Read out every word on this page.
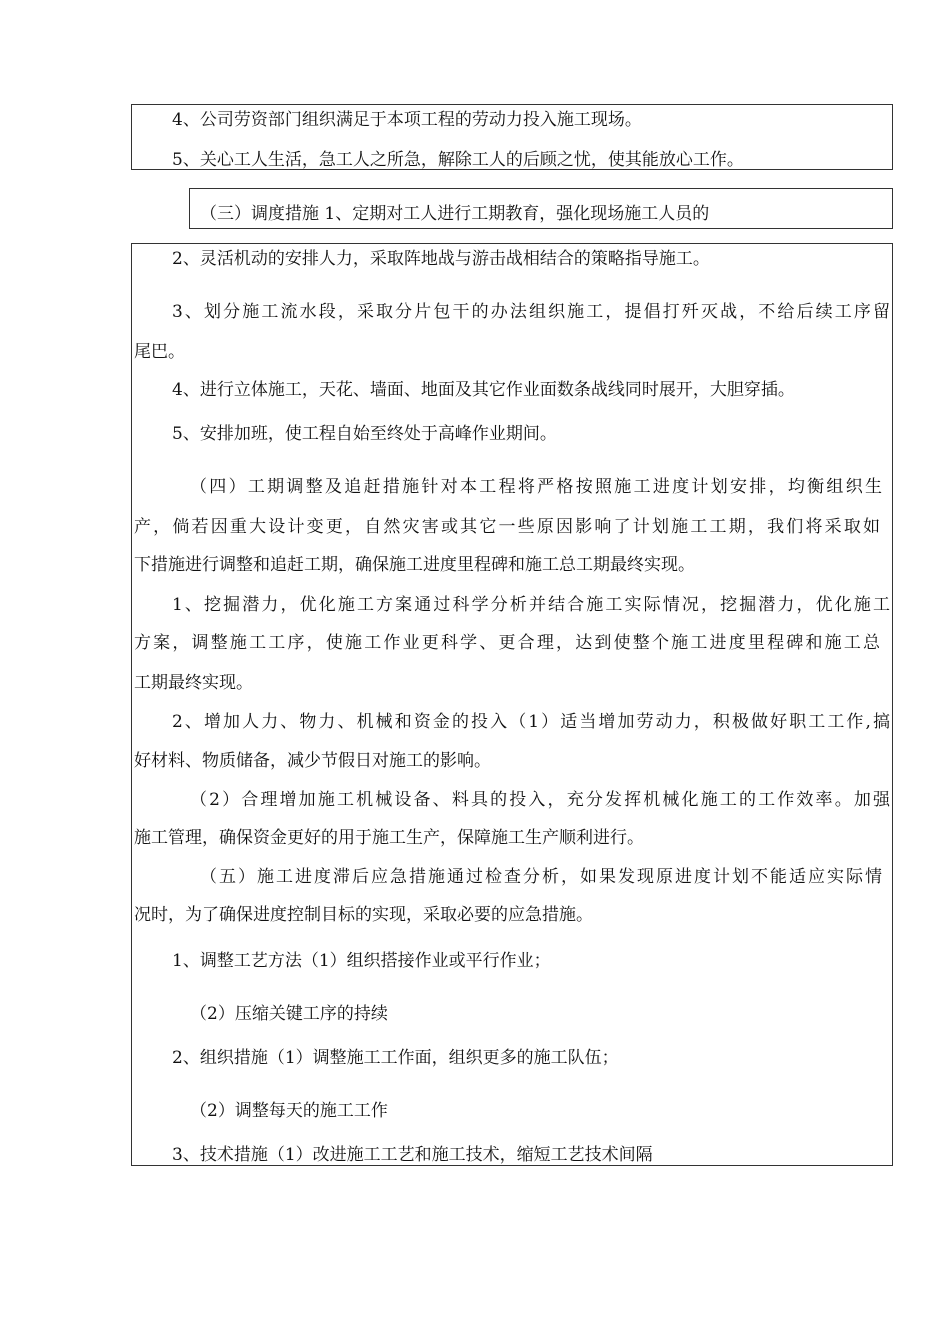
4、公司劳资部门组织满足于本项工程的劳动力投入施工现场。
5、关心工人生活，急工人之所急，解除工人的后顾之忧，使其能放心工作。
（三）调度措施 1、定期对工人进行工期教育，强化现场施工人员的
2、灵活机动的安排人力，采取阵地战与游击战相结合的策略指导施工。
3、划分施工流水段，采取分片包干的办法组织施工，提倡打歼灭战，不给后续工序留
尾巴。
4、进行立体施工，天花、墙面、地面及其它作业面数条战线同时展开，大胆穿插。
5、安排加班，使工程自始至终处于高峰作业期间。
（四）工期调整及追赶措施针对本工程将严格按照施工进度计划安排，均衡组织生
产，倘若因重大设计变更，自然灾害或其它一些原因影响了计划施工工期，我们将采取如
下措施进行调整和追赶工期，确保施工进度里程碑和施工总工期最终实现。
1、挖掘潜力，优化施工方案通过科学分析并结合施工实际情况，挖掘潜力，优化施工
方案，调整施工工序，使施工作业更科学、更合理，达到使整个施工进度里程碑和施工总
工期最终实现。
2、增加人力、物力、机械和资金的投入（1）适当增加劳动力，积极做好职工工作,搞
好材料、物质储备，减少节假日对施工的影响。
（2）合理增加施工机械设备、料具的投入，充分发挥机械化施工的工作效率。加强
施工管理，确保资金更好的用于施工生产，保障施工生产顺利进行。
（五）施工进度滞后应急措施通过检查分析，如果发现原进度计划不能适应实际情
况时，为了确保进度控制目标的实现，采取必要的应急措施。
1、调整工艺方法（1）组织搭接作业或平行作业；
（2）压缩关键工序的持续
2、组织措施（1）调整施工工作面，组织更多的施工队伍；
（2）调整每天的施工工作
3、技术措施（1）改进施工工艺和施工技术，缩短工艺技术间隔
